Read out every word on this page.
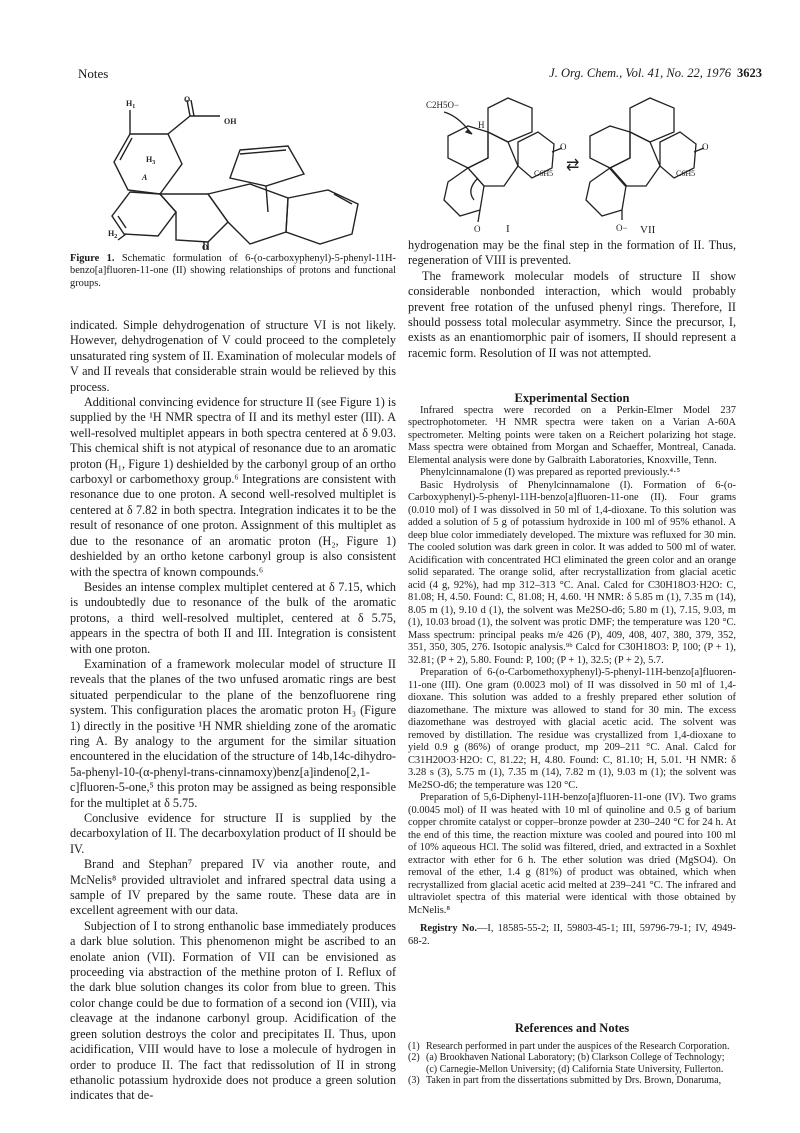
Notes	J. Org. Chem., Vol. 41, No. 22, 1976 3623
$H_1$
O
OH
$H_3$
A
$H_2$
O
Figure 1. Schematic formulation of 6-(o-carboxyphenyl)-5-phenyl-11H-benzo[a]fluoren-11-one (II) showing relationships of protons and functional groups.
C2H5O−
H
O
C6H5
O I
⇄
O
C6H5
O− VII

indicated. Simple dehydrogenation of structure VI is not likely. However, dehydrogenation of V could proceed to the completely unsaturated ring system of II. Examination of molecular models of V and II reveals that considerable strain would be relieved by this process.

Additional convincing evidence for structure II (see Figure 1) is supplied by the ¹H NMR spectra of II and its methyl ester (III). A well-resolved multiplet appears in both spectra centered at δ 9.03. This chemical shift is not atypical of resonance due to an aromatic proton (H₁, Figure 1) deshielded by the carbonyl group of an ortho carboxyl or carbomethoxy group.⁶ Integrations are consistent with resonance due to one proton. A second well-resolved multiplet is centered at δ 7.82 in both spectra. Integration indicates it to be the result of resonance of one proton. Assignment of this multiplet as due to the resonance of an aromatic proton (H₂, Figure 1) deshielded by an ortho ketone carbonyl group is also consistent with the spectra of known compounds.⁶

Besides an intense complex multiplet centered at δ 7.15, which is undoubtedly due to resonance of the bulk of the aromatic protons, a third well-resolved multiplet, centered at δ 5.75, appears in the spectra of both II and III. Integration is consistent with one proton.

Examination of a framework molecular model of structure II reveals that the planes of the two unfused aromatic rings are best situated perpendicular to the plane of the benzofluorene ring system. This configuration places the aromatic proton H₃ (Figure 1) directly in the positive ¹H NMR shielding zone of the aromatic ring A. By analogy to the argument for the similar situation encountered in the elucidation of the structure of 14b,14c-dihydro-5a-phenyl-10-(α-phenyl-trans-cinnamoxy)benz[a]indeno[2,1-c]fluoren-5-one,⁵ this proton may be assigned as being responsible for the multiplet at δ 5.75.

Conclusive evidence for structure II is supplied by the decarboxylation of II. The decarboxylation product of II should be IV.

Brand and Stephan⁷ prepared IV via another route, and McNelis⁸ provided ultraviolet and infrared spectral data using a sample of IV prepared by the same route. These data are in excellent agreement with our data.

Subjection of I to strong enthanolic base immediately produces a dark blue solution. This phenomenon might be ascribed to an enolate anion (VII). Formation of VII can be envisioned as proceeding via abstraction of the methine proton of I. Reflux of the dark blue solution changes its color from blue to green. This color change could be due to formation of a second ion (VIII), via cleavage at the indanone carbonyl group. Acidification of the green solution destroys the color and precipitates II. Thus, upon acidification, VIII would have to lose a molecule of hydrogen in order to produce II. The fact that redissolution of II in strong ethanolic potassium hydroxide does not produce a green solution indicates that de-

hydrogenation may be the final step in the formation of II. Thus, regeneration of VIII is prevented.

The framework molecular models of structure II show considerable nonbonded interaction, which would probably prevent free rotation of the unfused phenyl rings. Therefore, II should possess total molecular asymmetry. Since the precursor, I, exists as an enantiomorphic pair of isomers, II should represent a racemic form. Resolution of II was not attempted.

Experimental Section

Infrared spectra were recorded on a Perkin-Elmer Model 237 spectrophotometer. ¹H NMR spectra were taken on a Varian A-60A spectrometer. Melting points were taken on a Reichert polarizing hot stage. Mass spectra were obtained from Morgan and Schaeffer, Montreal, Canada. Elemental analysis were done by Galbraith Laboratories, Knoxville, Tenn.

Phenylcinnamalone (I) was prepared as reported previously.⁴·⁵

Basic Hydrolysis of Phenylcinnamalone (I). Formation of 6-(o-Carboxyphenyl)-5-phenyl-11H-benzo[a]fluoren-11-one (II). Four grams (0.010 mol) of I was dissolved in 50 ml of 1,4-dioxane. To this solution was added a solution of 5 g of potassium hydroxide in 100 ml of 95% ethanol. A deep blue color immediately developed. The mixture was refluxed for 30 min. The cooled solution was dark green in color. It was added to 500 ml of water. Acidification with concentrated HCl eliminated the green color and an orange solid separated. The orange solid, after recrystallization from glacial acetic acid (4 g, 92%), had mp 312–313 °C. Anal. Calcd for C30H18O3·H2O: C, 81.08; H, 4.50. Found: C, 81.08; H, 4.60. ¹H NMR: δ 5.85 m (1), 7.35 m (14), 8.05 m (1), 9.10 d (1), the solvent was Me2SO-d6; 5.80 m (1), 7.15, 9.03, m (1), 10.03 broad (1), the solvent was protic DMF; the temperature was 120 °C. Mass spectrum: principal peaks m/e 426 (P), 409, 408, 407, 380, 379, 352, 351, 350, 305, 276. Isotopic analysis.⁹ᵇ Calcd for C30H18O3: P, 100; (P + 1), 32.81; (P + 2), 5.80. Found: P, 100; (P + 1), 32.5; (P + 2), 5.7.

Preparation of 6-(o-Carbomethoxyphenyl)-5-phenyl-11H-benzo[a]fluoren-11-one (III). One gram (0.0023 mol) of II was dissolved in 50 ml of 1,4-dioxane. This solution was added to a freshly prepared ether solution of diazomethane. The mixture was allowed to stand for 30 min. The excess diazomethane was destroyed with glacial acetic acid. The solvent was removed by distillation. The residue was crystallized from 1,4-dioxane to yield 0.9 g (86%) of orange product, mp 209–211 °C. Anal. Calcd for C31H20O3·H2O: C, 81.22; H, 4.80. Found: C, 81.10; H, 5.01. ¹H NMR: δ 3.28 s (3), 5.75 m (1), 7.35 m (14), 7.82 m (1), 9.03 m (1); the solvent was Me2SO-d6; the temperature was 120 °C.

Preparation of 5,6-Diphenyl-11H-benzo[a]fluoren-11-one (IV). Two grams (0.0045 mol) of II was heated with 10 ml of quinoline and 0.5 g of barium copper chromite catalyst or copper–bronze powder at 230–240 °C for 24 h. At the end of this time, the reaction mixture was cooled and poured into 100 ml of 10% aqueous HCl. The solid was filtered, dried, and extracted in a Soxhlet extractor with ether for 6 h. The ether solution was dried (MgSO4). On removal of the ether, 1.4 g (81%) of product was obtained, which when recrystallized from glacial acetic acid melted at 239–241 °C. The infrared and ultraviolet spectra of this material were identical with those obtained by McNelis.⁸

Registry No.—I, 18585-55-2; II, 59803-45-1; III, 59796-79-1; IV, 4949-68-2.

References and Notes

(1) Research performed in part under the auspices of the Research Corporation.
(2) (a) Brookhaven National Laboratory; (b) Clarkson College of Technology; (c) Carnegie-Mellon University; (d) California State University, Fullerton.
(3) Taken in part from the dissertations submitted by Drs. Brown, Donaruma,
